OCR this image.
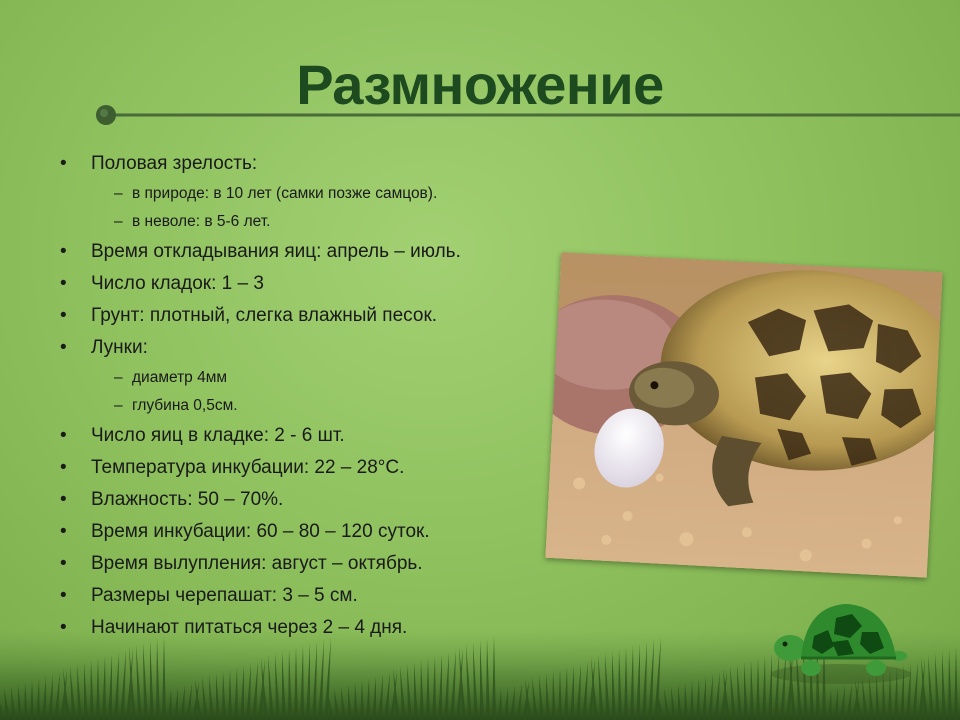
Размножение
• Половая зрелость:
– в природе: в 10 лет (самки позже самцов).
– в неволе: в 5-6 лет.
• Время откладывания яиц: апрель – июль.
• Число кладок: 1 – 3
• Грунт: плотный, слегка влажный песок.
• Лунки:
– диаметр 4мм
– глубина 0,5см.
• Число яиц в кладке: 2 - 6 шт.
• Температура инкубации: 22 – 28°C.
• Влажность: 50 – 70%.
• Время инкубации: 60 – 80 – 120 суток.
• Время вылупления: август – октябрь.
• Размеры черепашат: 3 – 5 см.
• Начинают питаться через 2 – 4 дня.
